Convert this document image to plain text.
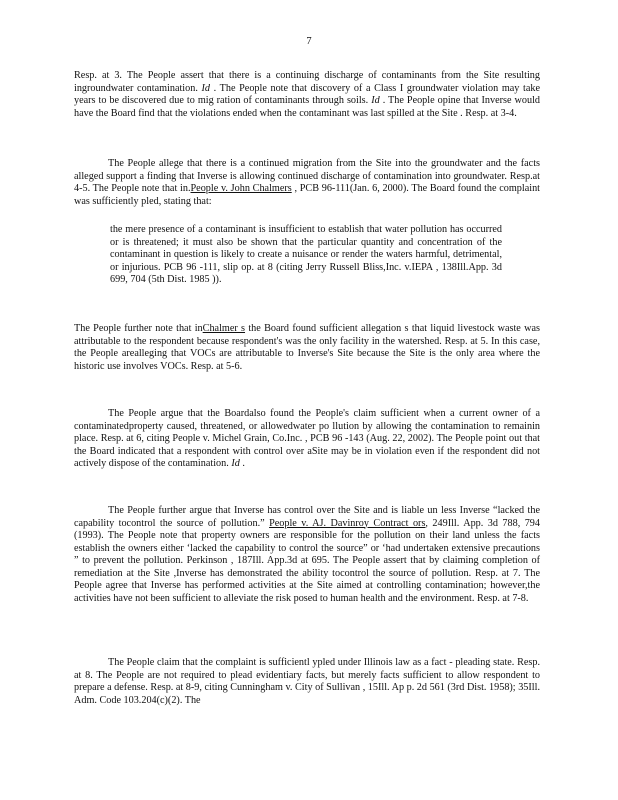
7

Resp. at 3. The People assert that there is a continuing discharge of contaminants from the Site resulting ingroundwater contamination. Id . The People note that discovery of a Class I groundwater violation may take years to be discovered due to mig ration of contaminants through soils. Id . The People opine that Inverse would have the Board find that the violations ended when the contaminant was last spilled at the Site . Resp. at 3-4.

The People allege that there is a continued migration from the Site into the groundwater and the facts alleged support a finding that Inverse is allowing continued discharge of contamination into groundwater. Resp.at 4-5. The People note that in.People v. John Chalmers , PCB 96-111(Jan. 6, 2000). The Board found the complaint was sufficiently pled, stating that:

the mere presence of a contaminant is insufficient to establish that water pollution has occurred or is threatened; it must also be shown that the particular quantity and concentration of the contaminant in question is likely to create a nuisance or render the waters harmful, detrimental, or injurious. PCB 96 -111, slip op. at 8 (citing Jerry Russell Bliss,Inc. v.IEPA , 138Ill.App. 3d 699, 704 (5th Dist. 1985 )).

The People further note that inChalmer s the Board found sufficient allegation s that liquid livestock waste was attributable to the respondent because respondent's was the only facility in the watershed. Resp. at 5. In this case, the People arealleging that VOCs are attributable to Inverse's Site because the Site is the only area where the historic use involves VOCs. Resp. at 5-6.

The People argue that the Boardalso found the People's claim sufficient when a current owner of a contaminatedproperty caused, threatened, or allowedwater po llution by allowing the contamination to remainin place. Resp. at 6, citing People v. Michel Grain, Co.Inc. , PCB 96 -143 (Aug. 22, 2002). The People point out that the Board indicated that a respondent with control over aSite may be in violation even if the respondent did not actively dispose of the contamination. Id .

The People further argue that Inverse has control over the Site and is liable un less Inverse “lacked the capability tocontrol the source of pollution.” People v. AJ. Davinroy Contract ors, 249Ill. App. 3d 788, 794 (1993). The People note that property owners are responsible for the pollution on their land unless the facts establish the owners either ‘lacked the capability to control the source” or ‘had undertaken extensive precautions ” to prevent the pollution. Perkinson , 187Ill. App.3d at 695. The People assert that by claiming completion of remediation at the Site ,Inverse has demonstrated the ability tocontrol the source of pollution. Resp. at 7. The People agree that Inverse has performed activities at the Site aimed at controlling contamination; however,the activities have not been sufficient to alleviate the risk posed to human health and the environment. Resp. at 7-8.

The People claim that the complaint is sufficientl ypled under Illinois law as a fact - pleading state. Resp. at 8. The People are not required to plead evidentiary facts, but merely facts sufficient to allow respondent to prepare a defense. Resp. at 8-9, citing Cunningham v. City of Sullivan , 15Ill. Ap p. 2d 561 (3rd Dist. 1958); 35Ill. Adm. Code 103.204(c)(2). The
